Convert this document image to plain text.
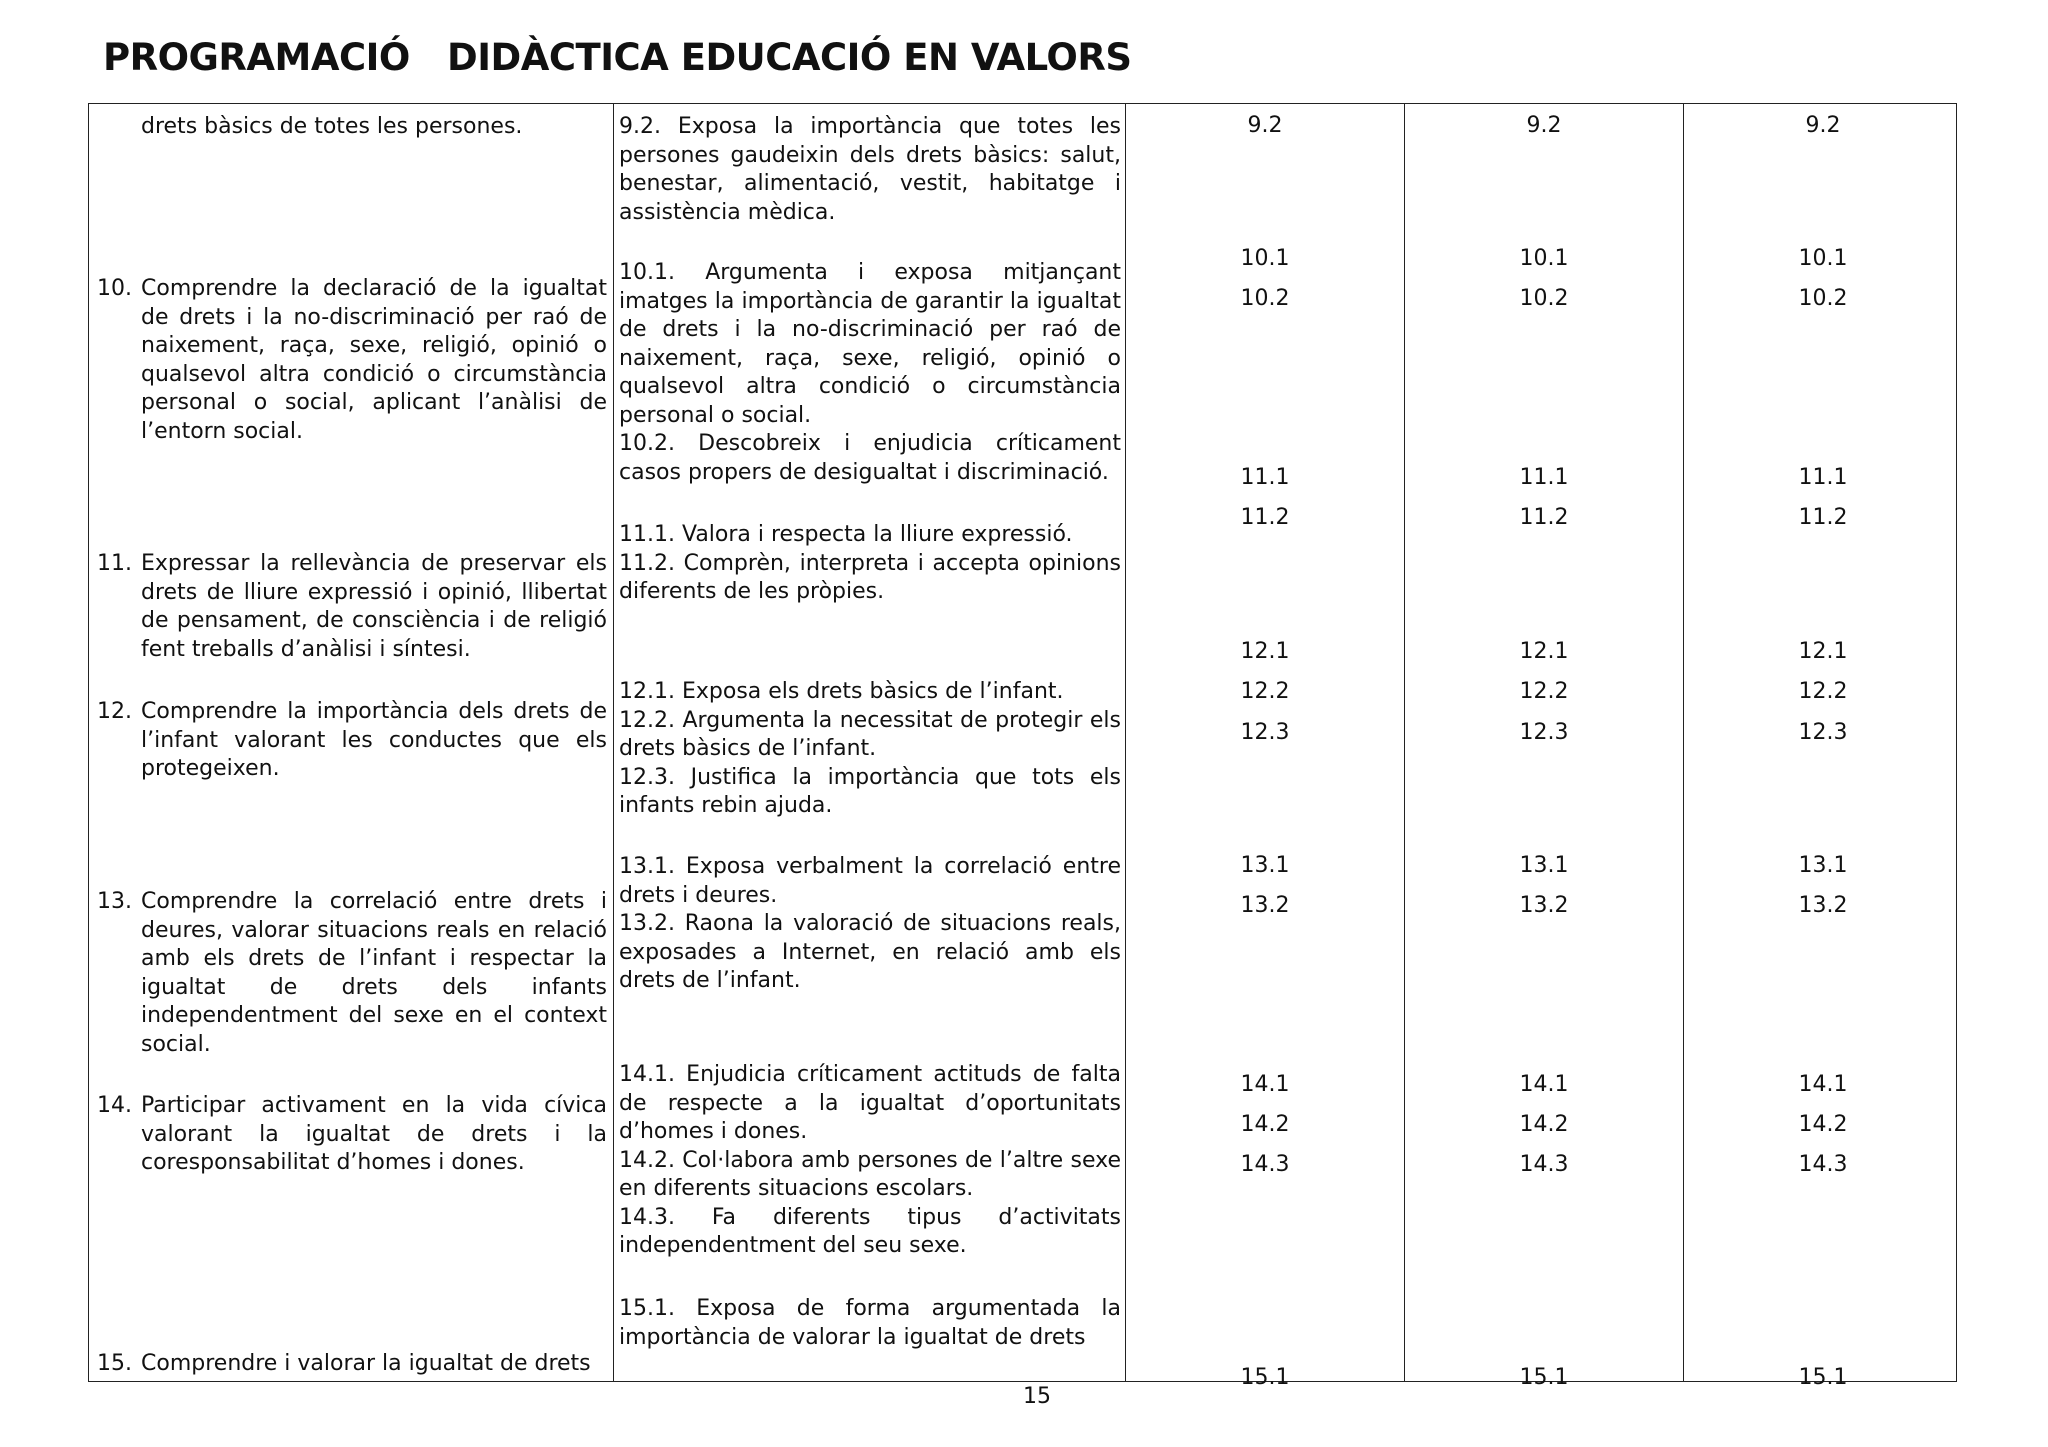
PROGRAMACIÓ   DIDÀCTICA EDUCACIÓ EN VALORS

drets bàsics de totes les persones.

10. Comprendre la declaració de la igualtat de drets i la no-discriminació per raó de naixement, raça, sexe, religió, opinió o qualsevol altra condició o circumstància personal o social, aplicant l’anàlisi de l’entorn social.

11. Expressar la rellevància de preservar els drets de lliure expressió i opinió, llibertat de pensament, de consciència i de religió fent treballs d’anàlisi i síntesi.

12. Comprendre la importància dels drets de l’infant valorant les conductes que els protegeixen.

13. Comprendre la correlació entre drets i deures, valorar situacions reals en relació amb els drets de l’infant i respectar la igualtat de drets dels infants independentment del sexe en el context social.

14. Participar activament en la vida cívica valorant la igualtat de drets i la coresponsabilitat d’homes i dones.

15. Comprendre i valorar la igualtat de drets

9.2. Exposa la importància que totes les persones gaudeixin dels drets bàsics: salut, benestar, alimentació, vestit, habitatge i assistència mèdica.

10.1. Argumenta i exposa mitjançant imatges la importància de garantir la igualtat de drets i la no-discriminació per raó de naixement, raça, sexe, religió, opinió o qualsevol altra condició o circumstància personal o social.

10.2. Descobreix i enjudicia críticament casos propers de desigualtat i discriminació.

11.1. Valora i respecta la lliure expressió.

11.2. Comprèn, interpreta i accepta opinions diferents de les pròpies.

12.1. Exposa els drets bàsics de l’infant.

12.2. Argumenta la necessitat de protegir els drets bàsics de l’infant.

12.3. Justifica la importància que tots els infants rebin ajuda.

13.1. Exposa verbalment la correlació entre drets i deures.

13.2. Raona la valoració de situacions reals, exposades a Internet, en relació amb els drets de l’infant.

14.1. Enjudicia críticament actituds de falta de respecte a la igualtat d’oportunitats d’homes i dones.

14.2. Col·labora amb persones de l’altre sexe en diferents situacions escolars.

14.3. Fa diferents tipus d’activitats independentment del seu sexe.

15.1. Exposa de forma argumentada la importància de valorar la igualtat de drets

9.2
10.1
10.2
11.1
11.2
12.1
12.2
12.3
13.1
13.2
14.1
14.2
14.3
15.1
9.2
10.1
10.2
11.1
11.2
12.1
12.2
12.3
13.1
13.2
14.1
14.2
14.3
15.1
9.2
10.1
10.2
11.1
11.2
12.1
12.2
12.3
13.1
13.2
14.1
14.2
14.3
15.1
15
